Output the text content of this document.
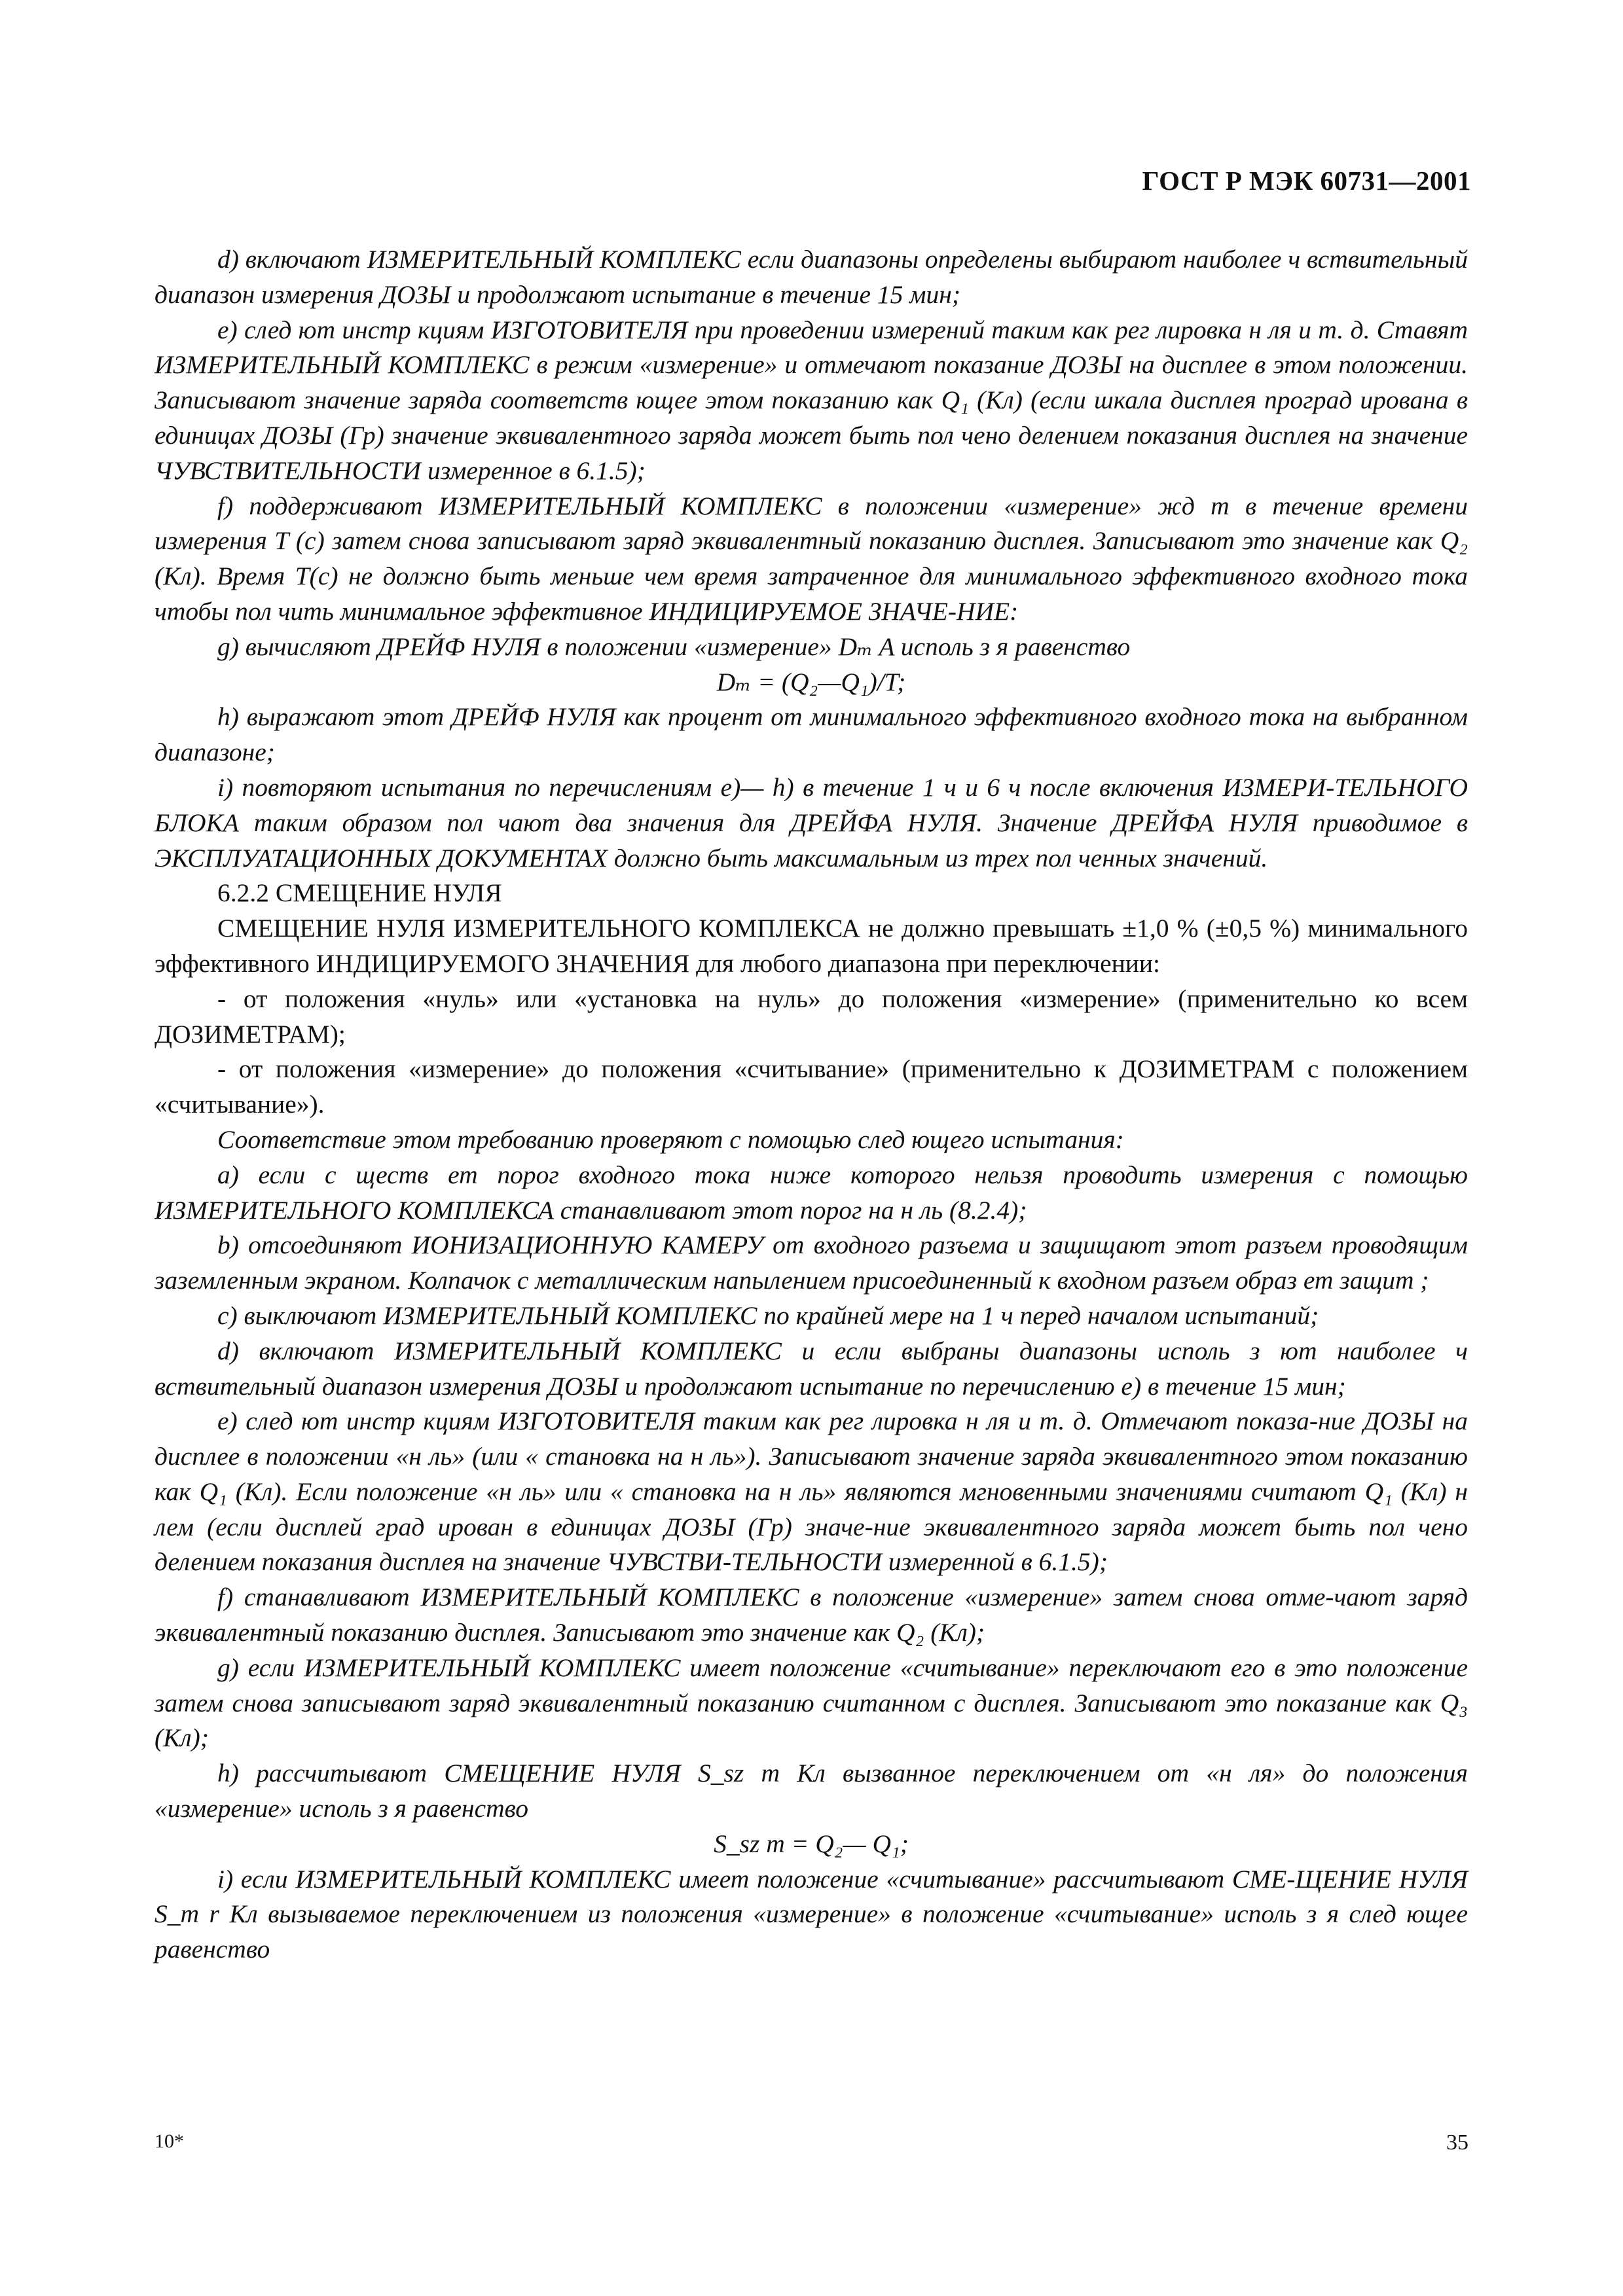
ГОСТ Р МЭК 60731—2001

d) включают ИЗМЕРИТЕЛЬНЫЙ КОМПЛЕКС если диапазоны определены выбирают наиболее ч вствительный диапазон измерения ДОЗЫ и продолжают испытание в течение 15 мин;

e) след ют инстр кциям ИЗГОТОВИТЕЛЯ при проведении измерений таким как рег лировка н ля и т. д. Ставят ИЗМЕРИТЕЛЬНЫЙ КОМПЛЕКС в режим «измерение» и отмечают показание ДОЗЫ на дисплее в этом положении. Записывают значение заряда соответств ющее этом показанию как Q₁ (Кл) (если шкала дисплея проград ирована в единицах ДОЗЫ (Гр) значение эквивалентного заряда может быть пол чено делением показания дисплея на значение ЧУВСТВИТЕЛЬНОСТИ измеренное в 6.1.5);

f) поддерживают ИЗМЕРИТЕЛЬНЫЙ КОМПЛЕКС в положении «измерение» жд т в течение времени измерения T (c) затем снова записывают заряд эквивалентный показанию дисплея. Записывают это значение как Q₂ (Кл). Время T(c) не должно быть меньше чем время затраченное для минимального эффективного входного тока чтобы пол чить минимальное эффективное ИНДИЦИРУЕМОЕ ЗНАЧЕ-НИЕ:

g) вычисляют ДРЕЙФ НУЛЯ в положении «измерение» Dₘ A исполь з я равенство

Dₘ = (Q₂—Q₁)/T;

h) выражают этот ДРЕЙФ НУЛЯ как процент от минимального эффективного входного тока на выбранном диапазоне;

i) повторяют испытания по перечислениям e)— h) в течение 1 ч и 6 ч после включения ИЗМЕРИ-ТЕЛЬНОГО БЛОКА таким образом пол чают два значения для ДРЕЙФА НУЛЯ. Значение ДРЕЙФА НУЛЯ приводимое в ЭКСПЛУАТАЦИОННЫХ ДОКУМЕНТАХ должно быть максимальным из трех пол ченных значений.

6.2.2 СМЕЩЕНИЕ НУЛЯ

СМЕЩЕНИЕ НУЛЯ ИЗМЕРИТЕЛЬНОГО КОМПЛЕКСА не должно превышать ±1,0 % (±0,5 %) минимального эффективного ИНДИЦИРУЕМОГО ЗНАЧЕНИЯ для любого диапазона при переключении:

- от положения «нуль» или «установка на нуль» до положения «измерение» (применительно ко всем ДОЗИМЕТРАМ);

- от положения «измерение» до положения «считывание» (применительно к ДОЗИМЕТРАМ с положением «считывание»).

Соответствие этом требованию проверяют с помощью след ющего испытания:

a) если с ществ ет порог входного тока ниже которого нельзя проводить измерения с помощью ИЗМЕРИТЕЛЬНОГО КОМПЛЕКСА станавливают этот порог на н ль (8.2.4);

b) отсоединяют ИОНИЗАЦИОННУЮ КАМЕРУ от входного разъема и защищают этот разъем проводящим заземленным экраном. Колпачок с металлическим напылением присоединенный к входном разъем образ ет защит ;

c) выключают ИЗМЕРИТЕЛЬНЫЙ КОМПЛЕКС по крайней мере на 1 ч перед началом испытаний;

d) включают ИЗМЕРИТЕЛЬНЫЙ КОМПЛЕКС и если выбраны диапазоны исполь з ют наиболее ч вствительный диапазон измерения ДОЗЫ и продолжают испытание по перечислению e) в течение 15 мин;

e) след ют инстр кциям ИЗГОТОВИТЕЛЯ таким как рег лировка н ля и т. д. Отмечают показа-ние ДОЗЫ на дисплее в положении «н ль» (или « становка на н ль»). Записывают значение заряда эквивалентного этом показанию как Q₁ (Кл). Если положение «н ль» или « становка на н ль» являются мгновенными значениями считают Q₁ (Кл) н лем (если дисплей град ирован в единицах ДОЗЫ (Гр) значе-ние эквивалентного заряда может быть пол чено делением показания дисплея на значение ЧУВСТВИ-ТЕЛЬНОСТИ измеренной в 6.1.5);

f) станавливают ИЗМЕРИТЕЛЬНЫЙ КОМПЛЕКС в положение «измерение» затем снова отме-чают заряд эквивалентный показанию дисплея. Записывают это значение как Q₂ (Кл);

g) если ИЗМЕРИТЕЛЬНЫЙ КОМПЛЕКС имеет положение «считывание» переключают его в это положение затем снова записывают заряд эквивалентный показанию считанном с дисплея. Записывают это показание как Q₃ (Кл);

h) рассчитывают СМЕЩЕНИЕ НУЛЯ S_sz m Кл вызванное переключением от «н ля» до положения «измерение» исполь з я равенство

S_sz m = Q₂— Q₁;

i) если ИЗМЕРИТЕЛЬНЫЙ КОМПЛЕКС имеет положение «считывание» рассчитывают СМЕ-ЩЕНИЕ НУЛЯ S_m r Кл вызываемое переключением из положения «измерение» в положение «считывание» исполь з я след ющее равенство

10*	35
